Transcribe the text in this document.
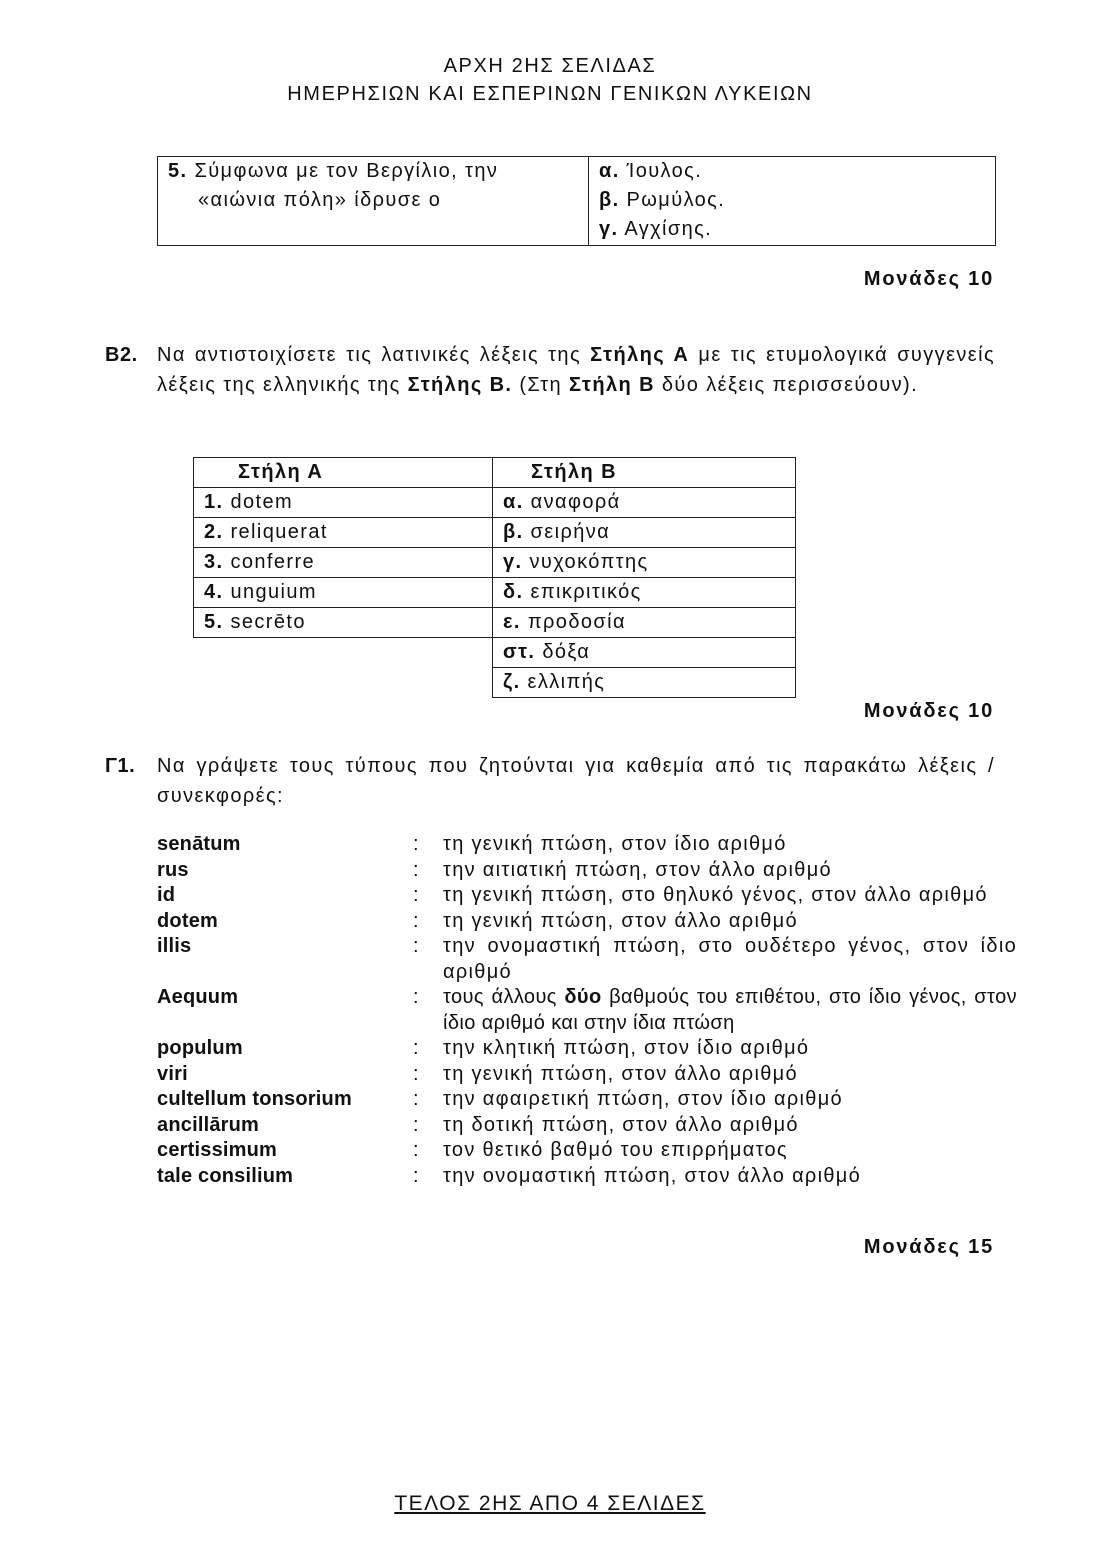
ΑΡΧΗ 2ΗΣ ΣΕΛΙΔΑΣ
ΗΜΕΡΗΣΙΩΝ ΚΑΙ ΕΣΠΕΡΙΝΩΝ ΓΕΝΙΚΩΝ ΛΥΚΕΙΩΝ
5. Σύμφωνα με τον Βεργίλιο, την
«αιώνια πόλη» ίδρυσε ο

α. Ίουλος.
β. Ρωμύλος.
γ. Αγχίσης.
Μονάδες 10
Β2. Να αντιστοιχίσετε τις λατινικές λέξεις της Στήλης Α με τις ετυμολογικά συγγενείς λέξεις της ελληνικής της Στήλης Β. (Στη Στήλη Β δύο λέξεις περισσεύουν).
Στήλη Α	Στήλη Β
1. dotem	α. αναφορά
2. reliquerat	β. σειρήνα
3. conferre	γ. νυχοκόπτης
4. unguium	δ. επικριτικός
5. secrēto	ε. προδοσία
	στ. δόξα
	ζ. ελλιπής
Μονάδες 10
Γ1. Να γράψετε τους τύπους που ζητούνται για καθεμία από τις παρακάτω λέξεις / συνεκφορές:
senātum	:	τη γενική πτώση, στον ίδιο αριθμό
rus	:	την αιτιατική πτώση, στον άλλο αριθμό
id	:	τη γενική πτώση, στο θηλυκό γένος, στον άλλο αριθμό
dotem	:	τη γενική πτώση, στον άλλο αριθμό
illis	:	την ονομαστική πτώση, στο ουδέτερο γένος, στον ίδιο αριθμό
Aequum	:	τους άλλους δύο βαθμούς του επιθέτου, στο ίδιο γένος, στον ίδιο αριθμό και στην ίδια πτώση
populum	:	την κλητική πτώση, στον ίδιο αριθμό
viri	:	τη γενική πτώση, στον άλλο αριθμό
cultellum tonsorium	:	την αφαιρετική πτώση, στον ίδιο αριθμό
ancillārum	:	τη δοτική πτώση, στον άλλο αριθμό
certissimum	:	τον θετικό βαθμό του επιρρήματος
tale consilium	:	την ονομαστική πτώση, στον άλλο αριθμό
Μονάδες 15
ΤΕΛΟΣ 2ΗΣ ΑΠΟ 4 ΣΕΛΙΔΕΣ
